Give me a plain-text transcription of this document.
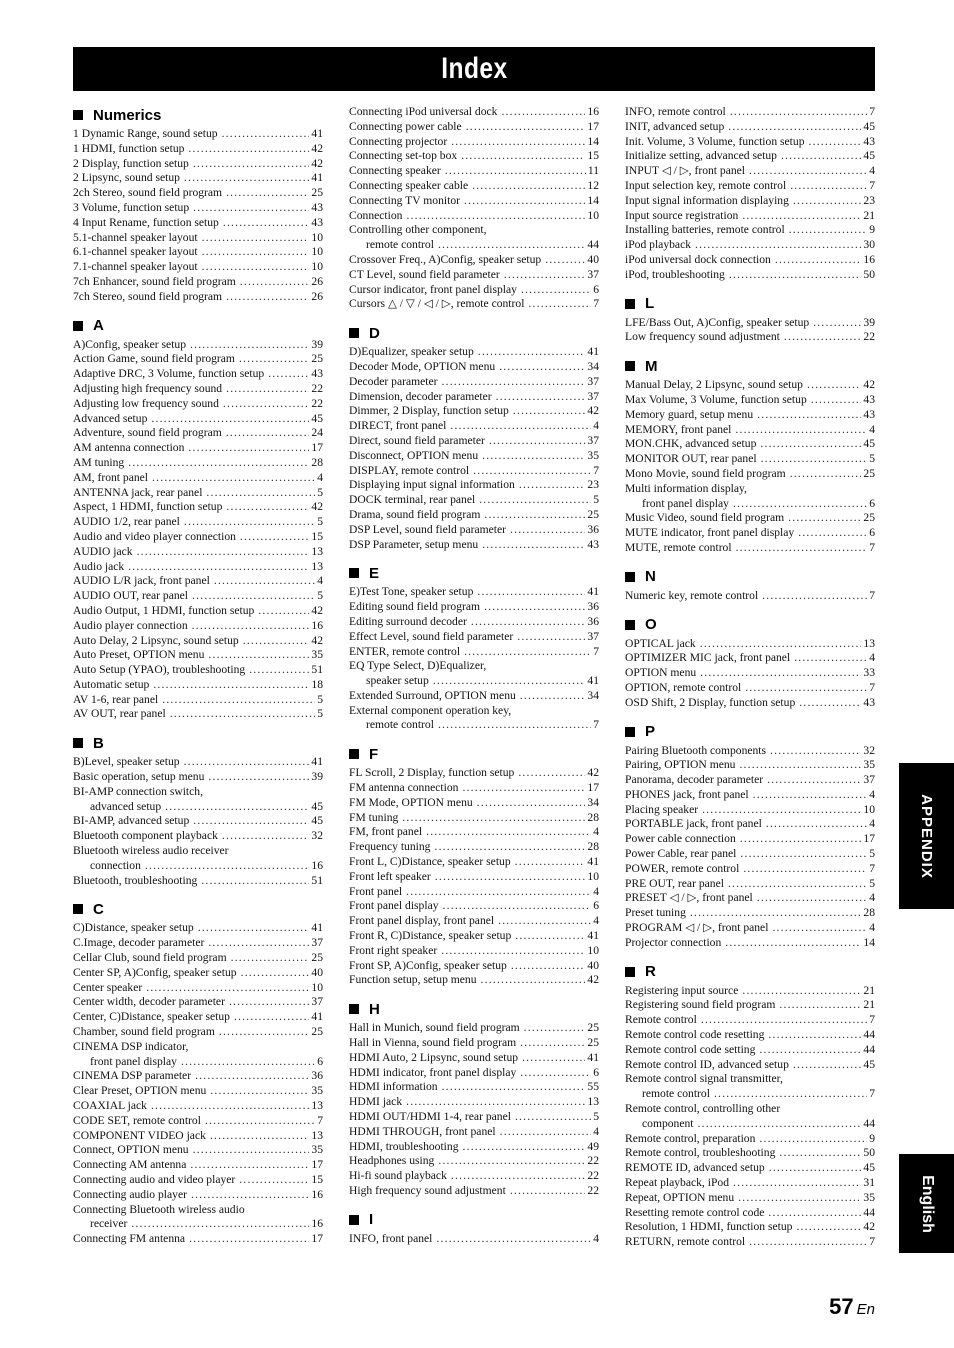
Index
Numerics
1 Dynamic Range, sound setup .....	41
1 HDMI, function setup .....	42
2 Display, function setup .....	42
2 Lipsync, sound setup .....	41
2ch Stereo, sound field program .....	25
3 Volume, function setup .....	43
4 Input Rename, function setup .....	43
5.1-channel speaker layout .....	10
6.1-channel speaker layout .....	10
7.1-channel speaker layout .....	10
7ch Enhancer, sound field program .....	26
7ch Stereo, sound field program .....	26
A
A)Config, speaker setup .....	39
Action Game, sound field program .....	25
Adaptive DRC, 3 Volume, function setup .....	43
Adjusting high frequency sound .....	22
Adjusting low frequency sound .....	22
Advanced setup .....	45
Adventure, sound field program .....	24
AM antenna connection .....	17
AM tuning .....	28
AM, front panel .....	4
ANTENNA jack, rear panel .....	5
Aspect, 1 HDMI, function setup .....	42
AUDIO 1/2, rear panel .....	5
Audio and video player connection .....	15
AUDIO jack .....	13
Audio jack .....	13
AUDIO L/R jack, front panel .....	4
AUDIO OUT, rear panel .....	5
Audio Output, 1 HDMI, function setup .....	42
Audio player connection .....	16
Auto Delay, 2 Lipsync, sound setup .....	42
Auto Preset, OPTION menu .....	35
Auto Setup (YPAO), troubleshooting .....	51
Automatic setup .....	18
AV 1-6, rear panel .....	5
AV OUT, rear panel .....	5
B
B)Level, speaker setup .....	41
Basic operation, setup menu .....	39
BI-AMP connection switch,
advanced setup .....	45
BI-AMP, advanced setup .....	45
Bluetooth component playback .....	32
Bluetooth wireless audio receiver
connection .....	16
Bluetooth, troubleshooting .....	51
C
C)Distance, speaker setup .....	41
C.Image, decoder parameter .....	37
Cellar Club, sound field program .....	25
Center SP, A)Config, speaker setup .....	40
Center speaker .....	10
Center width, decoder parameter .....	37
Center, C)Distance, speaker setup .....	41
Chamber, sound field program .....	25
CINEMA DSP indicator,
front panel display .....	6
CINEMA DSP parameter .....	36
Clear Preset, OPTION menu .....	35
COAXIAL jack .....	13
CODE SET, remote control .....	7
COMPONENT VIDEO jack .....	13
Connect, OPTION menu .....	35
Connecting AM antenna .....	17
Connecting audio and video player .....	15
Connecting audio player .....	16
Connecting Bluetooth wireless audio
receiver .....	16
Connecting FM antenna .....	17
Connecting iPod universal dock .....	16
Connecting power cable .....	17
Connecting projector .....	14
Connecting set-top box .....	15
Connecting speaker .....	11
Connecting speaker cable .....	12
Connecting TV monitor .....	14
Connection .....	10
Controlling other component,
remote control .....	44
Crossover Freq., A)Config, speaker setup .....	40
CT Level, sound field parameter .....	37
Cursor indicator, front panel display .....	6
Cursors △ / ▽ / ◁ / ▷, remote control .....	7
D
D)Equalizer, speaker setup .....	41
Decoder Mode, OPTION menu .....	34
Decoder parameter .....	37
Dimension, decoder parameter .....	37
Dimmer, 2 Display, function setup .....	42
DIRECT, front panel .....	4
Direct, sound field parameter .....	37
Disconnect, OPTION menu .....	35
DISPLAY, remote control .....	7
Displaying input signal information .....	23
DOCK terminal, rear panel .....	5
Drama, sound field program .....	25
DSP Level, sound field parameter .....	36
DSP Parameter, setup menu .....	43
E
E)Test Tone, speaker setup .....	41
Editing sound field program .....	36
Editing surround decoder .....	36
Effect Level, sound field parameter .....	37
ENTER, remote control .....	7
EQ Type Select, D)Equalizer,
speaker setup .....	41
Extended Surround, OPTION menu .....	34
External component operation key,
remote control .....	7
F
FL Scroll, 2 Display, function setup .....	42
FM antenna connection .....	17
FM Mode, OPTION menu .....	34
FM tuning .....	28
FM, front panel .....	4
Frequency tuning .....	28
Front L, C)Distance, speaker setup .....	41
Front left speaker .....	10
Front panel .....	4
Front panel display .....	6
Front panel display, front panel .....	4
Front R, C)Distance, speaker setup .....	41
Front right speaker .....	10
Front SP, A)Config, speaker setup .....	40
Function setup, setup menu .....	42
H
Hall in Munich, sound field program .....	25
Hall in Vienna, sound field program .....	25
HDMI Auto, 2 Lipsync, sound setup .....	41
HDMI indicator, front panel display .....	6
HDMI information .....	55
HDMI jack .....	13
HDMI OUT/HDMI 1-4, rear panel .....	5
HDMI THROUGH, front panel .....	4
HDMI, troubleshooting .....	49
Headphones using .....	22
Hi-fi sound playback .....	22
High frequency sound adjustment .....	22
I
INFO, front panel .....	4
INFO, remote control .....	7
INIT, advanced setup .....	45
Init. Volume, 3 Volume, function setup .....	43
Initialize setting, advanced setup .....	45
INPUT ◁ / ▷, front panel .....	4
Input selection key, remote control .....	7
Input signal information displaying .....	23
Input source registration .....	21
Installing batteries, remote control .....	9
iPod playback .....	30
iPod universal dock connection .....	16
iPod, troubleshooting .....	50
L
LFE/Bass Out, A)Config, speaker setup .....	39
Low frequency sound adjustment .....	22
M
Manual Delay, 2 Lipsync, sound setup .....	42
Max Volume, 3 Volume, function setup .....	43
Memory guard, setup menu .....	43
MEMORY, front panel .....	4
MON.CHK, advanced setup .....	45
MONITOR OUT, rear panel .....	5
Mono Movie, sound field program .....	25
Multi information display,
front panel display .....	6
Music Video, sound field program .....	25
MUTE indicator, front panel display .....	6
MUTE, remote control .....	7
N
Numeric key, remote control .....	7
O
OPTICAL jack .....	13
OPTIMIZER MIC jack, front panel .....	4
OPTION menu .....	33
OPTION, remote control .....	7
OSD Shift, 2 Display, function setup .....	43
P
Pairing Bluetooth components .....	32
Pairing, OPTION menu .....	35
Panorama, decoder parameter .....	37
PHONES jack, front panel .....	4
Placing speaker .....	10
PORTABLE jack, front panel .....	4
Power cable connection .....	17
Power Cable, rear panel .....	5
POWER, remote control .....	7
PRE OUT, rear panel .....	5
PRESET ◁ / ▷, front panel .....	4
Preset tuning .....	28
PROGRAM ◁ / ▷, front panel .....	4
Projector connection .....	14
R
Registering input source .....	21
Registering sound field program .....	21
Remote control .....	7
Remote control code resetting .....	44
Remote control code setting .....	44
Remote control ID, advanced setup .....	45
Remote control signal transmitter,
remote control .....	7
Remote control, controlling other
component .....	44
Remote control, preparation .....	9
Remote control, troubleshooting .....	50
REMOTE ID, advanced setup .....	45
Repeat playback, iPod .....	31
Repeat, OPTION menu .....	35
Resetting remote control code .....	44
Resolution, 1 HDMI, function setup .....	42
RETURN, remote control .....	7
APPENDIX
English
57 En
